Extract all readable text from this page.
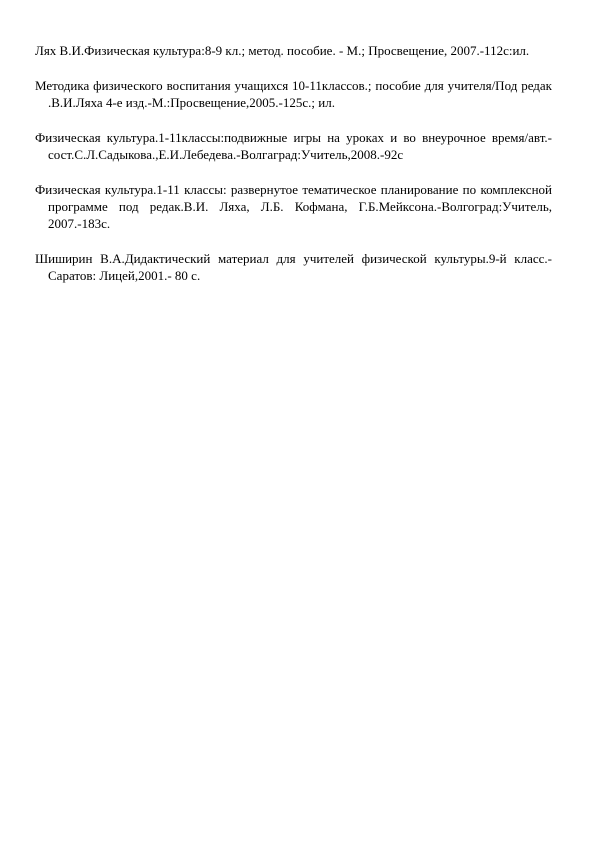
Лях В.И.Физическая культура:8-9 кл.; метод. пособие. - М.; Просвещение, 2007.-112с:ил.
Методика физического воспитания учащихся 10-11классов.; пособие для учителя/Под редак .В.И.Ляха 4-е изд.-М.:Просвещение,2005.-125с.; ил.
Физическая культура.1-11классы:подвижные игры на уроках и во внеурочное время/авт.-сост.С.Л.Садыкова.,Е.И.Лебедева.-Волгаград:Учитель,2008.-92с
Физическая культура.1-11 классы: развернутое тематическое планирование по комплексной программе под редак.В.И. Ляха, Л.Б. Кофмана, Г.Б.Мейксона.-Волгоград:Учитель, 2007.-183с.
Шиширин В.А.Дидактический материал для учителей физической культуры.9-й класс.- Саратов: Лицей,2001.- 80 с.
